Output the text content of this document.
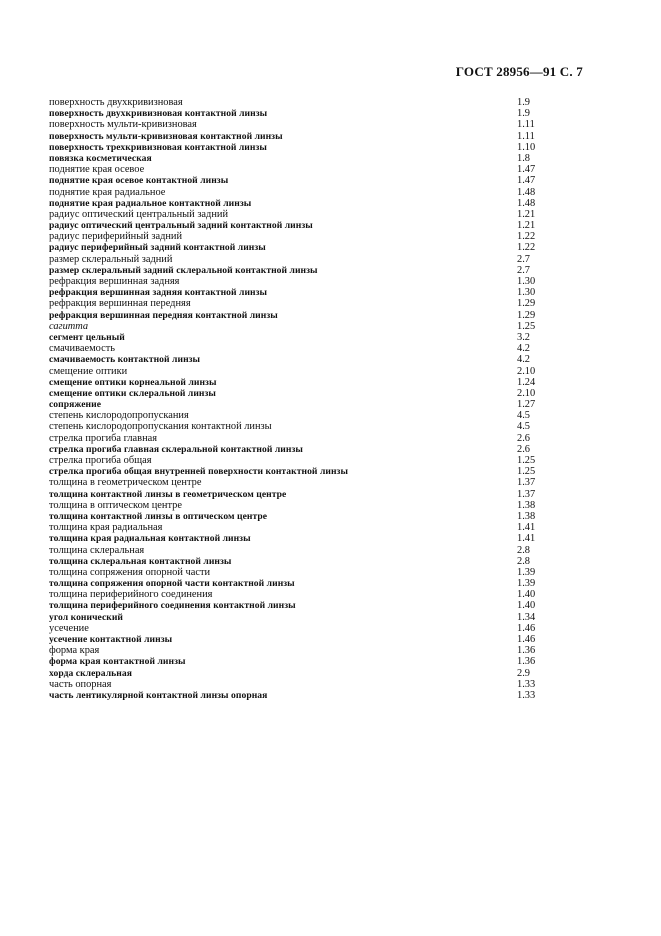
ГОСТ 28956—91 С. 7
поверхность двухкривизновая	1.9
поверхность двухкривизновая контактной линзы	1.9
поверхность мульти-кривизновая	1.11
поверхность мульти-кривизновая контактной линзы	1.11
поверхность трехкривизновая контактной линзы	1.10
повязка косметическая	1.8
поднятие края осевое	1.47
поднятие края осевое контактной линзы	1.47
поднятие края радиальное	1.48
поднятие края радиальное контактной линзы	1.48
радиус оптический центральный задний	1.21
радиус оптический центральный задний контактной линзы	1.21
радиус периферийный задний	1.22
радиус периферийный задний контактной линзы	1.22
размер склеральный задний	2.7
размер склеральный задний склеральной контактной линзы	2.7
рефракция вершинная задняя	1.30
рефракция вершинная задняя контактной линзы	1.30
рефракция вершинная передняя	1.29
рефракция вершинная передняя контактной линзы	1.29
сагитта	1.25
сегмент цельный	3.2
смачиваемость	4.2
смачиваемость контактной линзы	4.2
смещение оптики	2.10
смещение оптики корнеальной линзы	1.24
смещение оптики склеральной линзы	2.10
сопряжение	1.27
степень кислородопропускания	4.5
степень кислородопропускания контактной линзы	4.5
стрелка прогиба главная	2.6
стрелка прогиба главная склеральной контактной линзы	2.6
стрелка прогиба общая	1.25
стрелка прогиба общая внутренней поверхности контактной линзы	1.25
толщина в геометрическом центре	1.37
толщина контактной линзы в геометрическом центре	1.37
толщина в оптическом центре	1.38
толщина контактной линзы в оптическом центре	1.38
толщина края радиальная	1.41
толщина края радиальная контактной линзы	1.41
толщина склеральная	2.8
толщина склеральная контактной линзы	2.8
толщина сопряжения опорной части	1.39
толщина сопряжения опорной части контактной линзы	1.39
толщина периферийного соединения	1.40
толщина периферийного соединения контактной линзы	1.40
угол конический	1.34
усечение	1.46
усечение контактной линзы	1.46
форма края	1.36
форма края контактной линзы	1.36
хорда склеральная	2.9
часть опорная	1.33
часть лентикулярной контактной линзы опорная	1.33
